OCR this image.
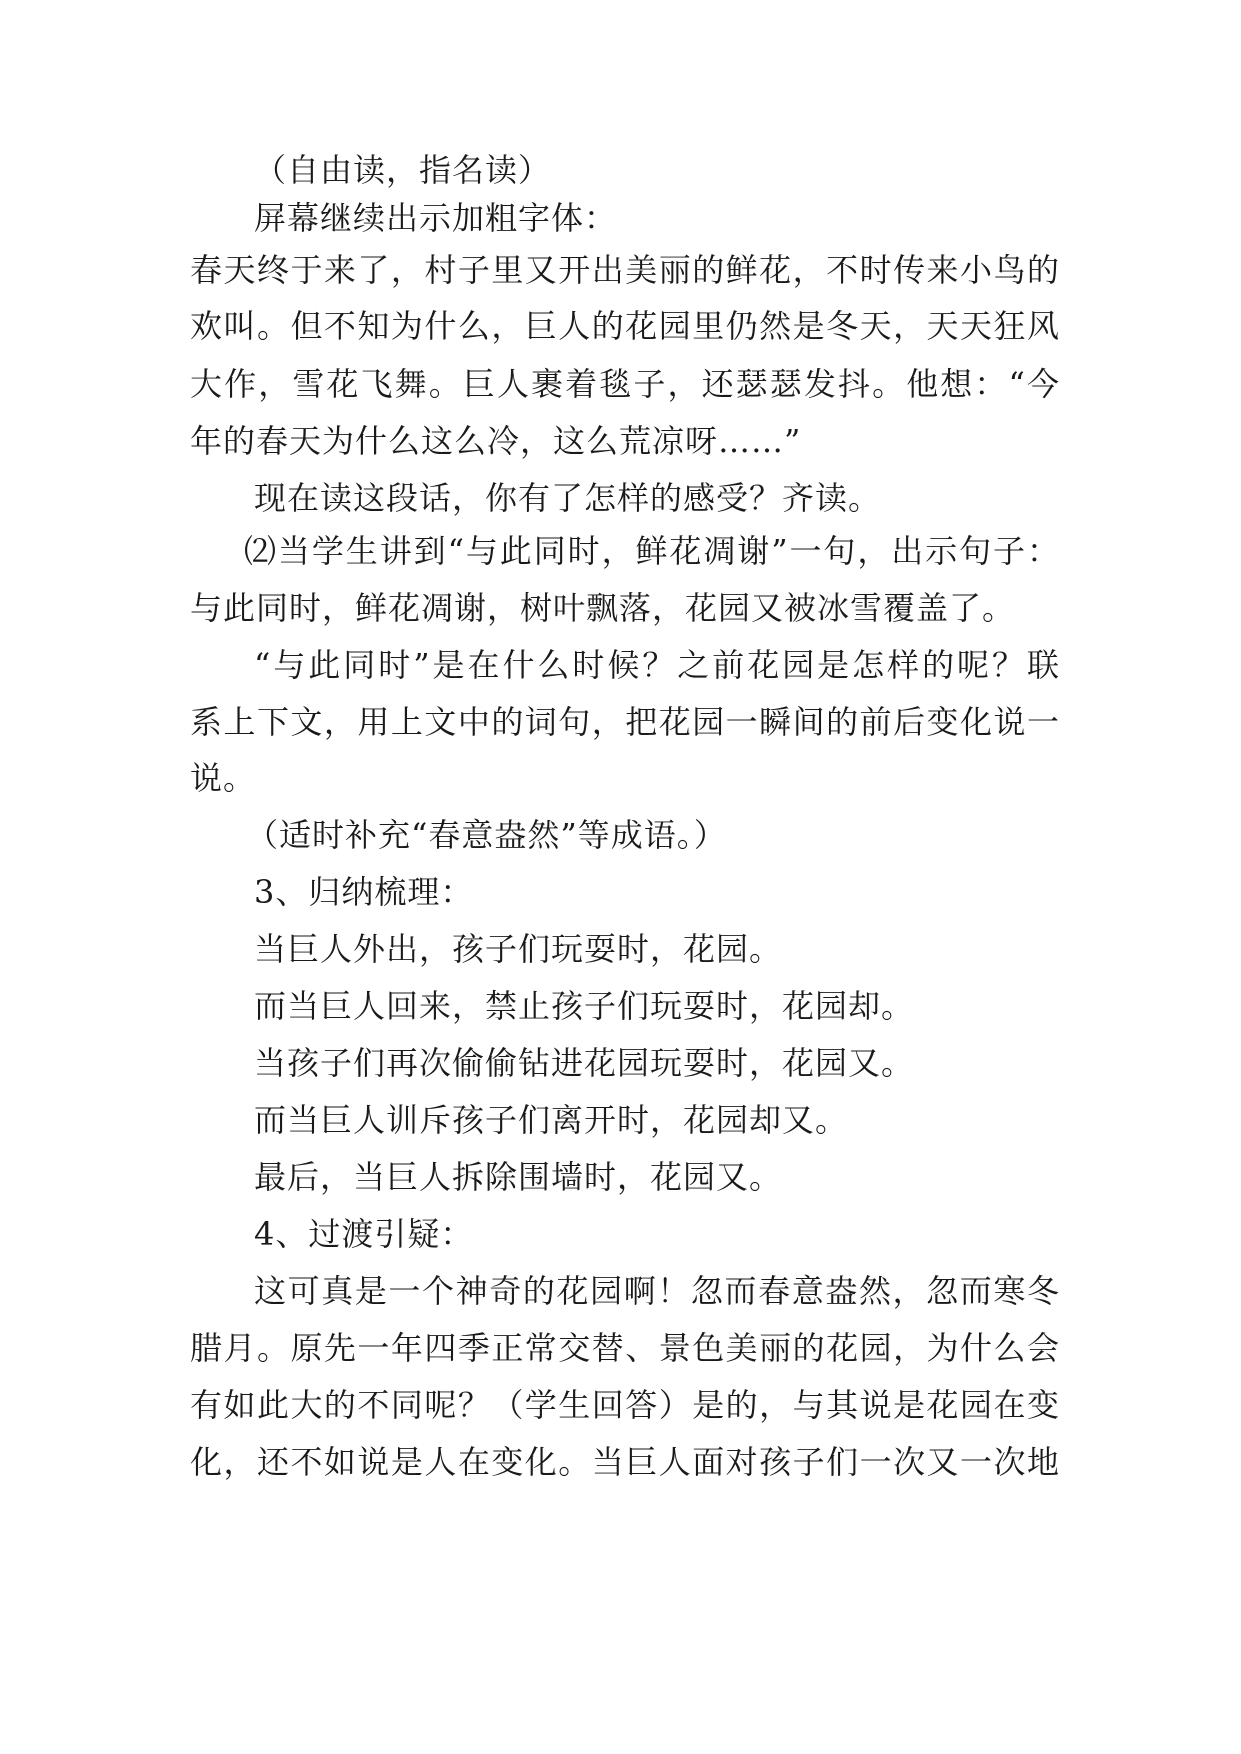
（自由读，指名读）
屏幕继续出示加粗字体：
春天终于来了，村子里又开出美丽的鲜花，不时传来小鸟的
欢叫。但不知为什么，巨人的花园里仍然是冬天，天天狂风
大作，雪花飞舞。巨人裹着毯子，还瑟瑟发抖。他想：“今
年的春天为什么这么冷，这么荒凉呀……”
现在读这段话，你有了怎样的感受？齐读。
⑵当学生讲到“与此同时，鲜花凋谢”一句，出示句子：
与此同时，鲜花凋谢，树叶飘落，花园又被冰雪覆盖了。
“与此同时”是在什么时候？之前花园是怎样的呢？联
系上下文，用上文中的词句，把花园一瞬间的前后变化说一
说。
（适时补充“春意盎然”等成语。）
3、归纳梳理：
当巨人外出，孩子们玩耍时，花园。
而当巨人回来，禁止孩子们玩耍时，花园却。
当孩子们再次偷偷钻进花园玩耍时，花园又。
而当巨人训斥孩子们离开时，花园却又。
最后，当巨人拆除围墙时，花园又。
4、过渡引疑：
这可真是一个神奇的花园啊！忽而春意盎然，忽而寒冬
腊月。原先一年四季正常交替、景色美丽的花园，为什么会
有如此大的不同呢？（学生回答）是的，与其说是花园在变
化，还不如说是人在变化。当巨人面对孩子们一次又一次地
